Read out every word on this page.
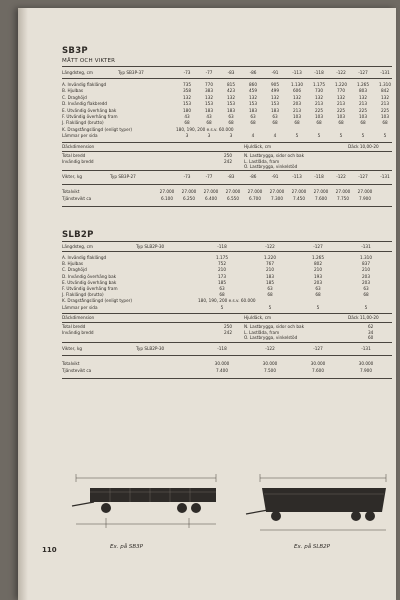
SB3P
MÅTT OCH VIKTER
Längdsteg, cm	Typ SB3P-37	-73	-77	-83	-86	-91	-113	-118	-122	-127	-131
A. Invändig flaklängd	735	770	815	860	905	1.130	1.175	1.220	1.265	1.310
B. Hjulbas	358	383	423	459	499	606	730	770	803	842
C. Draghöjd	132	132	132	132	132	132	132	132	132	132
D. Invändig flakbredd	153	153	153	153	153	203	213	213	213	213
E. Utvändig överhäng bak	180	183	183	183	183	213	225	225	225	225
F. Utvändig överhäng fram	43	43	63	63	63	103	103	103	103	103
J. Flaklängd (brutto)	68	68	68	68	68	68	68	68	68	68
K. Dragstångslängd (enligt typer)	180, 190, 200 e.s.v. 60.000
Lämmar per sida	3	3	3	4	4	5	5	5	5	5
Däckdimension	Hjuldäck, cm	Däck 10,00-20
Total bredd	250	N. Lastbrygga, sidor och bak
Invändig bredd	242	L. Lastlåda, fram
O. Lastbrygga, vinkelstöd
Vikter, kg	Typ SB3P-27	-73	-77	-83	-86	-91	-113	-118	-122	-127	-131
Totalvikt	27.000	27.000	27.000	27.000	27.000	27.000	27.000	27.000	27.000	27.000
Tjänstevikt ca	6.100	6.250	6.400	6.550	6.700	7.300	7.450	7.600	7.750	7.900
SLB2P
Längdsteg, cm	Typ SLB2P-30	-118	-122	-127	-131
A. Invändig flaklängd	1.175	1.220	1.265	1.310
B. Hjulbas	752	767	802	837
C. Draghöjd	210	210	210	210
D. Invändig överhäng bak	173	183	193	203
E. Utvändig överhäng bak	185	185	203	203
F. Utvändig överhäng fram	63	63	63	63
J. Flaklängd (brutto)	68	68	68	68
K. Dragstångslängd (enligt typer)	180, 190, 200 e.s.v. 60.000
Lämmar per sida	5	5	5	5
Däckdimension	Hjuldäck, cm	Däck 11,00-20
Total bredd	250	N. Lastbrygga, sidor och bak	62
Invändig bredd	242	L. Lastlåda, fram	34
O. Lastbrygga, vinkelstöd	60
Vikter, kg	Typ SLB2P-30	-118	-122	-127	-131
Totalvikt	30.000	30.000	30.000	30.000
Tjänstevikt ca	7.400	7.500	7.600	7.900
110	Ex. på SB3P	Ex. på SLB2P
